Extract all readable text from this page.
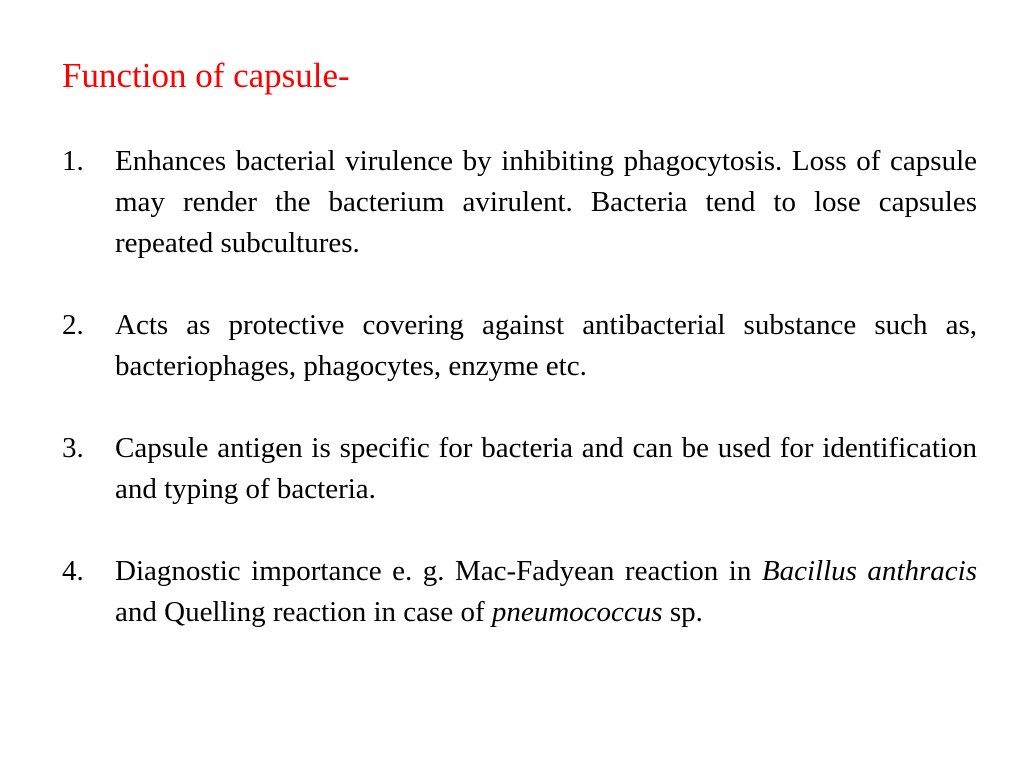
Function of capsule-
1. Enhances bacterial virulence by inhibiting phagocytosis. Loss of capsule may render the bacterium avirulent. Bacteria tend to lose capsules repeated subcultures.
2. Acts as protective covering against antibacterial substance such as, bacteriophages, phagocytes, enzyme etc.
3. Capsule antigen is specific for bacteria and can be used for identification and typing of bacteria.
4. Diagnostic importance e. g. Mac-Fadyean reaction in Bacillus anthracis and Quelling reaction in case of pneumococcus sp.
